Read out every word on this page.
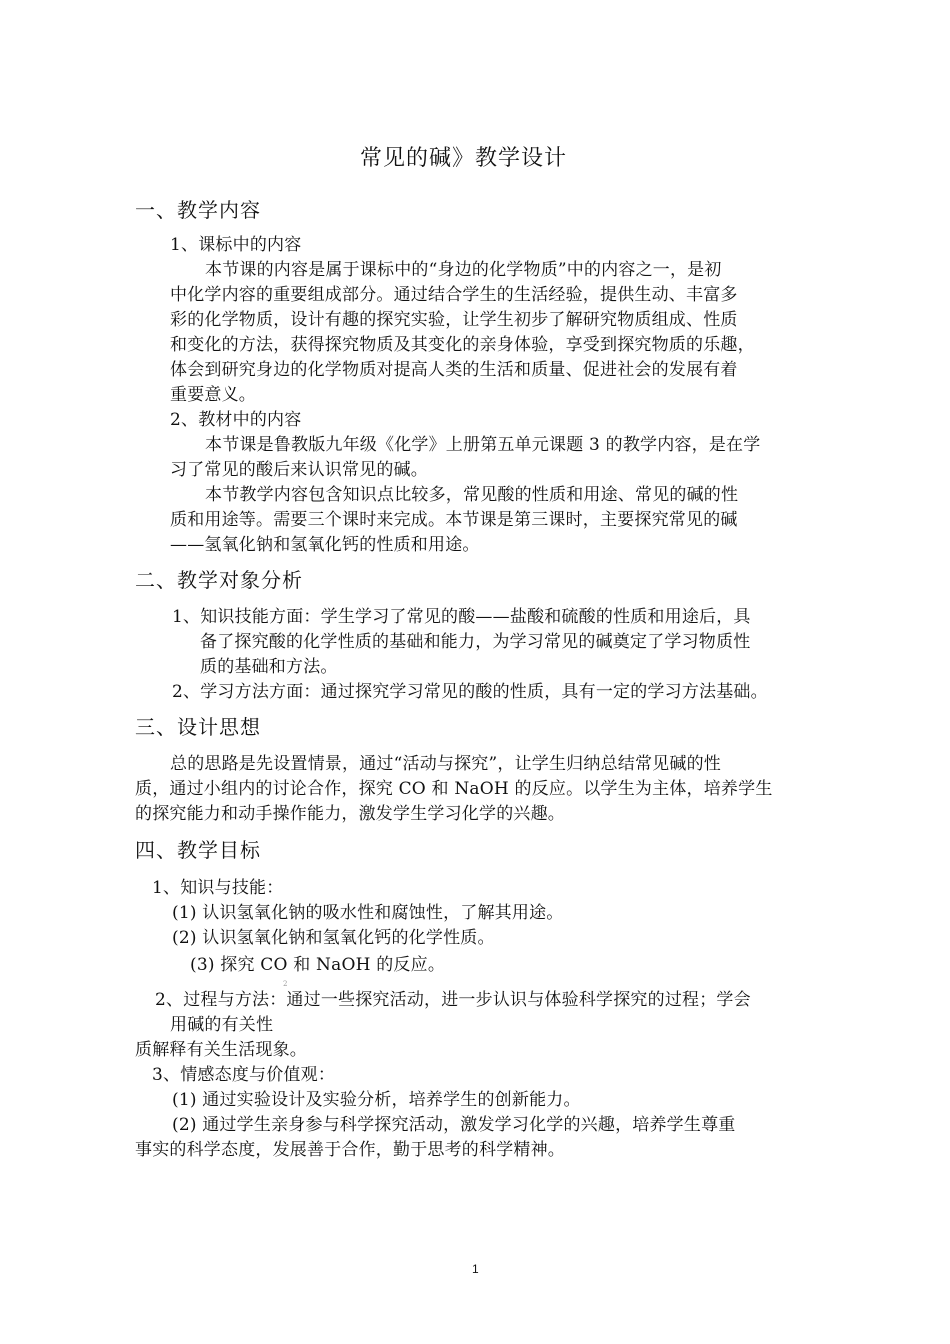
常见的碱》教学设计
一、教学内容
1、课标中的内容
本节课的内容是属于课标中的“身边的化学物质”中的内容之一，是初
中化学内容的重要组成部分。通过结合学生的生活经验，提供生动、丰富多
彩的化学物质，设计有趣的探究实验，让学生初步了解研究物质组成、性质
和变化的方法，获得探究物质及其变化的亲身体验，享受到探究物质的乐趣，
体会到研究身边的化学物质对提高人类的生活和质量、促进社会的发展有着
重要意义。
2、教材中的内容
本节课是鲁教版九年级《化学》上册第五单元课题 3 的教学内容，是在学
习了常见的酸后来认识常见的碱。
本节教学内容包含知识点比较多，常见酸的性质和用途、常见的碱的性
质和用途等。需要三个课时来完成。本节课是第三课时，主要探究常见的碱
——氢氧化钠和氢氧化钙的性质和用途。
二、教学对象分析
1、知识技能方面：学生学习了常见的酸——盐酸和硫酸的性质和用途后，具
备了探究酸的化学性质的基础和能力，为学习常见的碱奠定了学习物质性
质的基础和方法。
2、学习方法方面：通过探究学习常见的酸的性质，具有一定的学习方法基础。
三、设计思想
总的思路是先设置情景，通过“活动与探究”，让学生归纳总结常见碱的性
质，通过小组内的讨论合作，探究 CO 和 NaOH 的反应。以学生为主体，培养学生
的探究能力和动手操作能力，激发学生学习化学的兴趣。
四、教学目标
1、知识与技能：
(1) 认识氢氧化钠的吸水性和腐蚀性，了解其用途。
(2) 认识氢氧化钠和氢氧化钙的化学性质。
(3) 探究 CO 和 NaOH 的反应。
2
2、过程与方法：通过一些探究活动，进一步认识与体验科学探究的过程；学会
用碱的有关性
质解释有关生活现象。
3、情感态度与价值观：
(1) 通过实验设计及实验分析，培养学生的创新能力。
(2) 通过学生亲身参与科学探究活动，激发学习化学的兴趣，培养学生尊重
事实的科学态度，发展善于合作，勤于思考的科学精神。
1
